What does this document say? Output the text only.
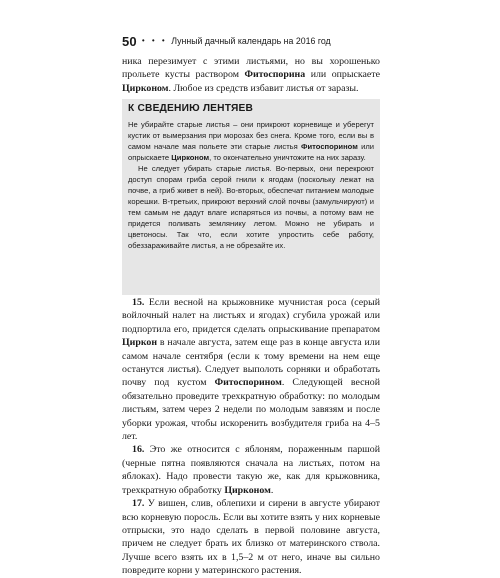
50 • • • Лунный дачный календарь на 2016 год

ника перезимует с этими листьями, но вы хорошенько прольете кусты раствором Фитоспорина или опрыскаете Цирконом. Любое из средств избавит листья от заразы.

К СВЕДЕНИЮ ЛЕНТЯЕВ

Не убирайте старые листья – они прикроют корневище и уберегут кустик от вымерзания при морозах без снега. Кроме того, если вы в самом начале мая польете эти старые листья Фитоспорином или опрыскаете Цирконом, то окончательно уничтожите на них заразу.

Не следует убирать старые листья. Во-первых, они перекроют доступ спорам гриба серой гнили к ягодам (поскольку лежат на почве, а гриб живет в ней). Во-вторых, обеспечат питанием молодые корешки. В-третьих, прикроют верхний слой почвы (замульчируют) и тем самым не дадут влаге испаряться из почвы, а потому вам не придется поливать землянику летом. Можно не убирать и цветоносы. Так что, если хотите упростить себе работу, обеззараживайте листья, а не обрезайте их.

15. Если весной на крыжовнике мучнистая роса (серый войлочный налет на листьях и ягодах) сгубила урожай или подпортила его, придется сделать опрыскивание препаратом Циркон в начале августа, затем еще раз в конце августа или самом начале сентября (если к тому времени на нем еще останутся листья). Следует выполоть сорняки и обработать почву под кустом Фитоспорином. Следующей весной обязательно проведите трехкратную обработку: по молодым листьям, затем через 2 недели по молодым завязям и после уборки урожая, чтобы искоренить возбудителя гриба на 4–5 лет.

16. Это же относится с яблоням, пораженным паршой (черные пятна появляются сначала на листьях, потом на яблоках). Надо провести такую же, как для крыжовника, трехкратную обработку Цирконом.

17. У вишен, слив, облепихи и сирени в августе убирают всю корневую поросль. Если вы хотите взять у них корневые отпрыски, это надо сделать в первой половине августа, причем не следует брать их близко от материнского ствола. Лучше всего взять их в 1,5–2 м от него, иначе вы сильно повредите корни у материнского растения.
